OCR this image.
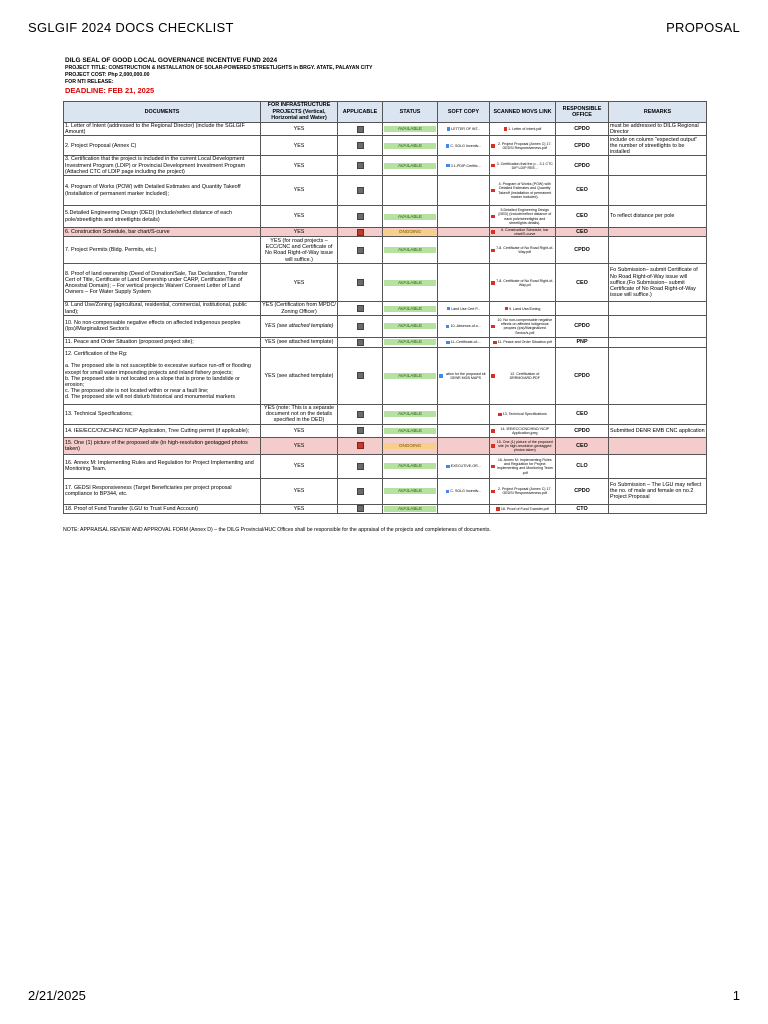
SGLGIF 2024 DOCS CHECKLIST	PROPOSAL
DILG SEAL OF GOOD LOCAL GOVERNANCE INCENTIVE FUND 2024
PROJECT TITLE: CONSTRUCTION & INSTALLATION OF SOLAR-POWERED STREETLIGHTS in BRGY. ATATE, PALAYAN CITY
PROJECT COST: Php 2,000,000.00
FOR NTI RELEASE:
DEADLINE: FEB 21, 2025
DOCUMENTS	FOR INFRASTRUCTURE PROJECTS (Vertical, Horizontal and Water)	APPLICABLE	STATUS	SOFT COPY	SCANNED MOVS LINK	RESPONSIBLE OFFICE	REMARKS
1. Letter of Intent (addressed to the Regional Director) (include the SGLGIF Amount)	YES		AVAILABLE	LETTER OF INT...	1. Letter of Intent.pdf	CPDO	must be addressed to DILG Regional Director
2. Project Proposal (Annex C)	YES		AVAILABLE	C. SGLG Incentiv...	2. Project Proposal (Annex C) 17. GEDSI Responsiveness.pdf	CPDO	include on column "expected output" the number of streetlights to be installed
3. Certification that the project is included in the current Local Development Investment Program (LDIP) or Provincial Development Investment Program (Attached CTC of LDIP page including the project)	YES		AVAILABLE	3.1-PDIP-Certific...	3. Certification that the p... 3.1 CTC DIP LDIP REE...	CPDO	
4. Program of Works (POW) with Detailed Estimates and Quantity Takeoff (Installation of permanent marker included);	YES				4. Program of Works (POW) with Detailed Estimates and Quantity Takeoff (Installation of permanent marker included).	CEO	
5.Detailed Engineering Design (DED) (Include/reflect distance of each pole/streetlights and streetlights details)	YES		AVAILABLE		5.Detailed Engineering Design (DED) (Include/reflect distance of each pole/streetlights and streetlights details).	CEO	To reflect distance per pole
6. Construction Schedule, bar chart/S-curve	YES		ONGOING		6. Construction Schedule, bar chart/S-curve	CEO	
7. Project Permits (Bldg. Permits, etc.)	YES (for road projects – ECC/CNC and Certificate of No Road Right-of-Way issue will suffice.)		AVAILABLE		7-8. Certificate of No Road Right-of-Way.pdf	CPDO	
8. Proof of land ownership (Deed of Donation/Sale, Tax Declaration, Transfer Cert of Title, Certificate of Land Ownership under CARP, Certificate/Title of Ancestral Domain); – For vertical projects Waiver/ Consent Letter of Land Owners – For Water Supply System	YES		AVAILABLE		7-8. Certificate of No Road Right-of-Way.pd	CEO	Fo Submission– submit Certificate of No Road Right-of-Way issue will suffice.(Fo Submission– submit Certificate of No Road Right-of-Way issue will suffice.)
9. Land Use/Zoning (agricultural, residential, commercial, institutional, public land);	YES (Certification from MPDC/ Zoning Officer)		AVAILABLE	Land Use Cert P...	9. Land Use/Zoning		

10. No non-compensable negative effects on affected indigenous peoples (Ips)/Marginalized Sector/s	YES (see attached template)		AVAILABLE	10.-Absence-of-n...	10. No non-compensable negative effects on affected indigenous peoples (Ips)/Marginalized Sector/s.pdf	CPDO	
11. Peace and Order Situation (proposed project site);	YES (see attached template)		AVAILABLE	11.-Certificate-of-...	11. Peace and Order Situation.pdf	PNP	
12. Certification of the Rg:

a. The proposed site is not susceptible to excessive surface run-off or flooding except for small water impounding projects and inland fishery projects;
b. The proposed site is not located on a slope that is prone to landslide or erosion;
c. The proposed site is not located within or near a fault line;
d. The proposed site will not disturb historical and monumental markers	YES (see attached template)		AVAILABLE	ation for the proposed sit DENR MGB MAPS	12. Certification of DRRMO/ARD.PDF	CPDO	
13. Technical Specifications;	YES (note: This is a separate document not on the details specified in the DED)		AVAILABLE		13. Technical Specifications	CEO	
14. IEE/ECC/CNC/HNC/ NCIP Application, Tree Cutting permit (if applicable);	YES		AVAILABLE		14. IEE/ECC/CNC/HNC/ NCIP Application.jpeg	CPDO	Submitted DENR EMB CNC application
15. One (1) picture of the proposed site (in high-resolution geotagged photos taken)	YES		ONGOING		15. One (1) picture of the proposed site (in high-resolution geotagged photos taken)	CEO	
16. Annex M: Implementing Rules and Regulation for Project Implementing and Monitoring Team.	YES		AVAILABLE	EXECUTIVE-OR...	16. Annex M: Implementing Rules and Regulation for Project Implementing and Monitoring Team .pdf	CLO	
17. GEDSI Responsiveness (Target Beneficiaries per project proposal compliance to BP344, etc.	YES		AVAILABLE	C. SGLG Incentiv...	2. Project Proposal (Annex C) 17. GEDSI Responsiveness.pdf	CPDO	Fo Submission – The LGU may reflect the no. of male and female on no.2 Project Proposal
18. Proof of Fund Transfer (LGU to Trust Fund Account)	YES		AVAILABLE		18. Proof of Fund Transfer.pdf	CTO	
NOTE: APPRAISAL REVIEW AND APPROVAL FORM (Annex D) – the DILG Provincial/HUC Offices shall be responsible for the appraisal of the projects and completeness of documents.
2/21/2025	1
